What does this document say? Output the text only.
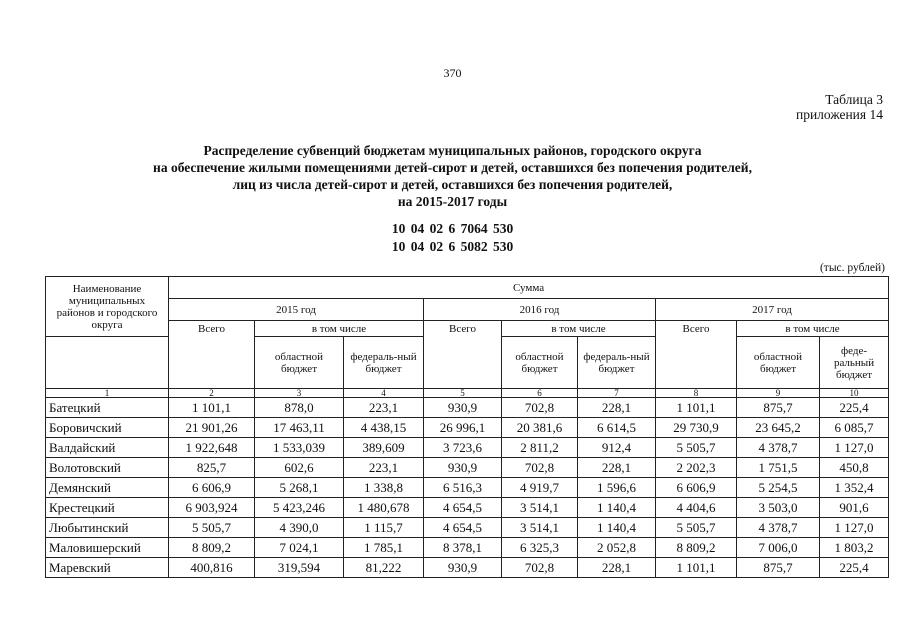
370
Таблица 3
приложения 14
Распределение субвенций бюджетам муниципальных районов, городского округа
на обеспечение жилыми помещениями детей-сирот и детей, оставшихся без попечения родителей,
лиц из числа детей-сирот и детей, оставшихся без попечения родителей,
на 2015-2017 годы
10 04 02 6 7064 530
10 04 02 6 5082 530
(тыс. рублей)
Наименование муниципальных районов и городского округа	Сумма								
	2015 год			2016 год			2017 год		
	Всего	в том числе		Всего	в том числе		Всего	в том числе	
		областной бюджет	федераль-ный бюджет		областной бюджет	федераль-ный бюджет		областной бюджет	феде-ральный бюджет
1	2	3	4	5	6	7	8	9	10
Батецкий	1 101,1	878,0	223,1	930,9	702,8	228,1	1 101,1	875,7	225,4
Боровичский	21 901,26	17 463,11	4 438,15	26 996,1	20 381,6	6 614,5	29 730,9	23 645,2	6 085,7
Валдайский	1 922,648	1 533,039	389,609	3 723,6	2 811,2	912,4	5 505,7	4 378,7	1 127,0
Волотовский	825,7	602,6	223,1	930,9	702,8	228,1	2 202,3	1 751,5	450,8
Демянский	6 606,9	5 268,1	1 338,8	6 516,3	4 919,7	1 596,6	6 606,9	5 254,5	1 352,4
Крестецкий	6 903,924	5 423,246	1 480,678	4 654,5	3 514,1	1 140,4	4 404,6	3 503,0	901,6
Любытинский	5 505,7	4 390,0	1 115,7	4 654,5	3 514,1	1 140,4	5 505,7	4 378,7	1 127,0
Маловишерский	8 809,2	7 024,1	1 785,1	8 378,1	6 325,3	2 052,8	8 809,2	7 006,0	1 803,2
Маревский	400,816	319,594	81,222	930,9	702,8	228,1	1 101,1	875,7	225,4
